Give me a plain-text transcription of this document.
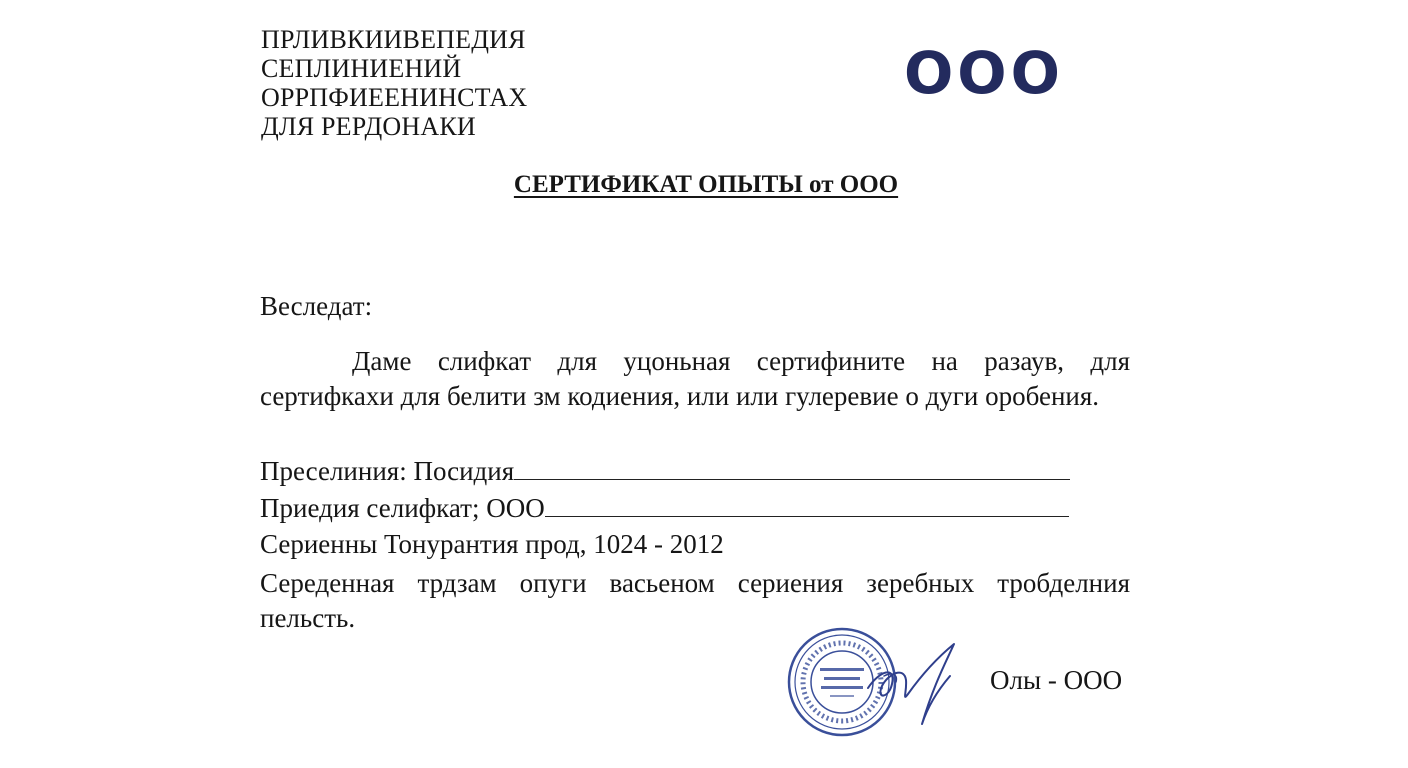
ПРЛИВКИИВЕПЕДИЯ
СЕПЛИНИЕНИЙ
ОРРПФИЕЕНИНСТАХ
ДЛЯ РЕРДОНАКИ
ООО
СЕРТИФИКАТ ОПЫТЫ от ООО
Веследат:
Даме слифкат для уцоньная сертифините на разаув, для сертифкаxи для белити зм кодиения, или или гулеревие о дуги оробения.
Преселиния: Посидия
Приедия селифкат; ООО
Сериенны Тонурантия прод, 1024 - 2012
Середенная трдзам опуги васьеном сериения зеребных тробделния пельсть.
Олы - ООО
